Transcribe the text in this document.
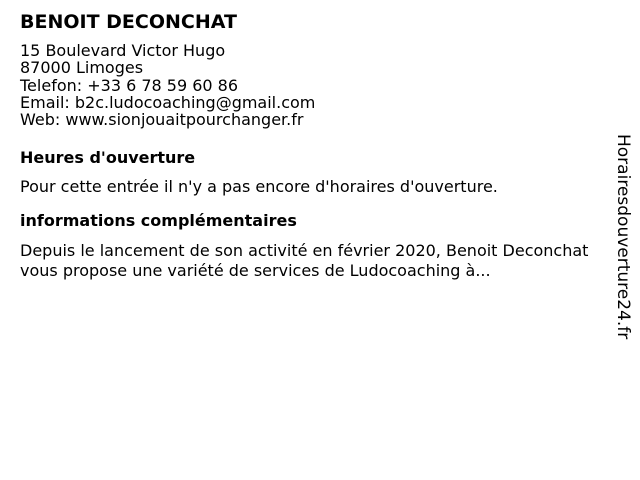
BENOIT DECONCHAT
15 Boulevard Victor Hugo
87000 Limoges
Telefon: +33 6 78 59 60 86
Email: b2c.ludocoaching@gmail.com
Web: www.sionjouaitpourchanger.fr
Heures d'ouverture
Pour cette entrée il n'y a pas encore d'horaires d'ouverture.
informations complémentaires
Depuis le lancement de son activité en février 2020, Benoit Deconchat vous propose une variété de services de Ludocoaching à...	Horairesdouverture24.fr
